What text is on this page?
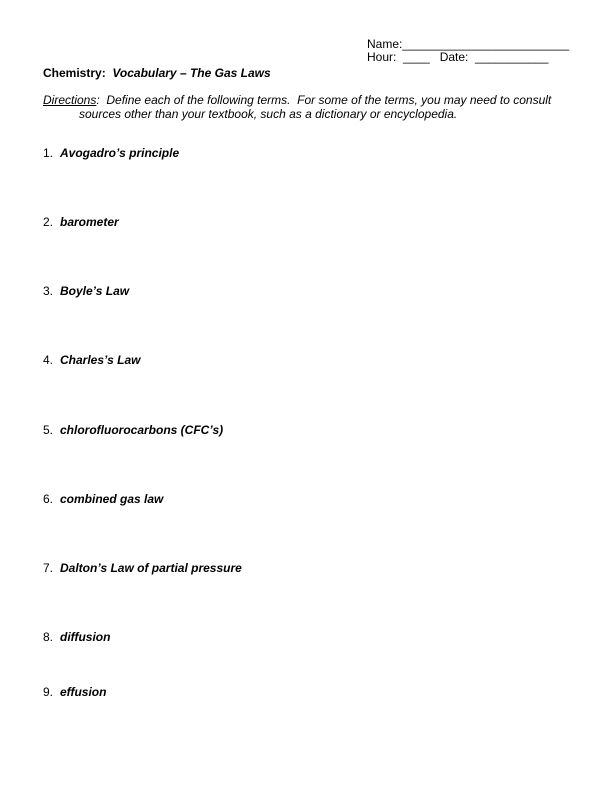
Name:_________________________
Hour:  ____   Date:  ___________
Chemistry: Vocabulary – The Gas Laws
Directions:  Define each of the following terms.  For some of the terms, you may need to consult
sources other than your textbook, such as a dictionary or encyclopedia.
1. Avogadro’s principle
2. barometer
3. Boyle’s Law
4. Charles’s Law
5. chlorofluorocarbons (CFC’s)
6. combined gas law
7. Dalton’s Law of partial pressure
8. diffusion
9. effusion
